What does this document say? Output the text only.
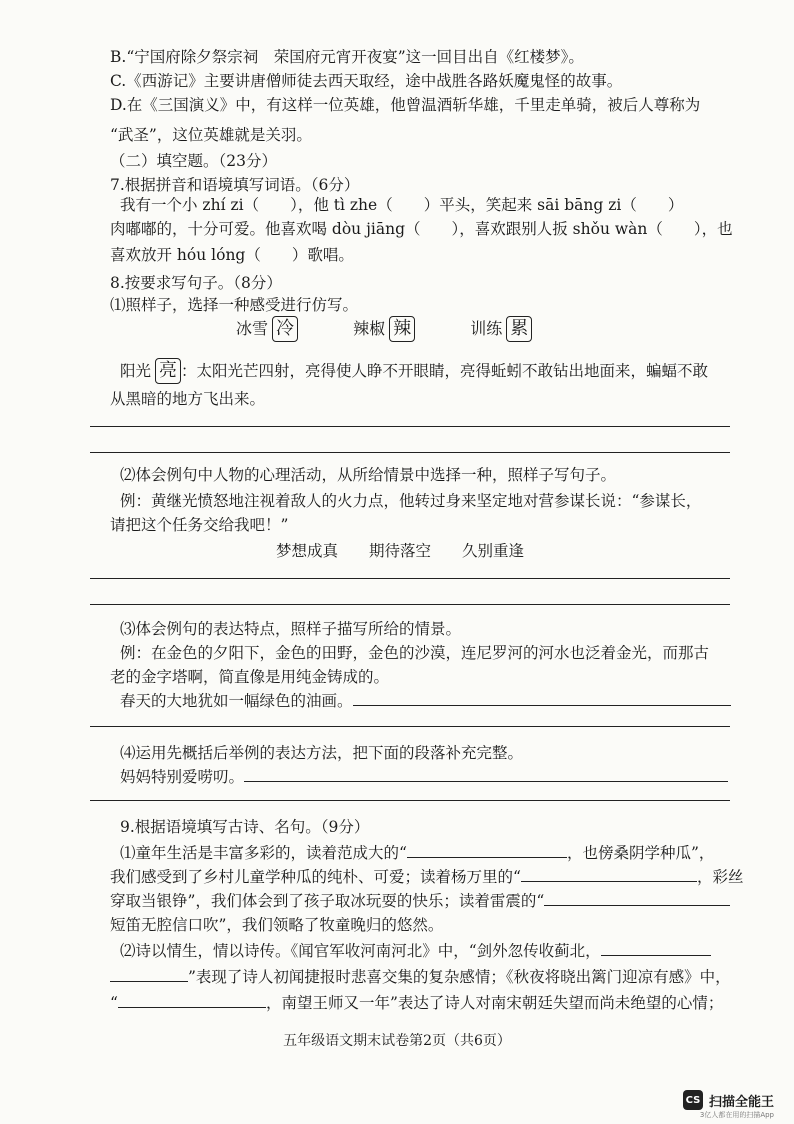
B.“宁国府除夕祭宗祠　荣国府元宵开夜宴”这一回目出自《红楼梦》。
C.《西游记》主要讲唐僧师徒去西天取经，途中战胜各路妖魔鬼怪的故事。
D.在《三国演义》中，有这样一位英雄，他曾温酒斩华雄，千里走单骑，被后人尊称为
“武圣”，这位英雄就是关羽。
（二）填空题。（23分）
7.根据拼音和语境填写词语。（6分）
我有一个小 zhí zi（　　），他 tì zhe（　　）平头，笑起来 sāi bāng zi（　　）
肉嘟嘟的，十分可爱。他喜欢喝 dòu jiāng（　　），喜欢跟别人扳 shǒu wàn（　　），也
喜欢放开 hóu lóng（　　）歌唱。
8.按要求写句子。（8分）
⑴照样子，选择一种感受进行仿写。
冰雪 冷	辣椒 辣	训练 累
阳光 亮 ：太阳光芒四射，亮得使人睁不开眼睛，亮得蚯蚓不敢钻出地面来，蝙蝠不敢
从黑暗的地方飞出来。
⑵体会例句中人物的心理活动，从所给情景中选择一种，照样子写句子。
例：黄继光愤怒地注视着敌人的火力点，他转过身来坚定地对营参谋长说：“参谋长，
请把这个任务交给我吧！”
梦想成真　　期待落空　　久别重逢
⑶体会例句的表达特点，照样子描写所给的情景。
例：在金色的夕阳下，金色的田野，金色的沙漠，连尼罗河的河水也泛着金光，而那古
老的金字塔啊，简直像是用纯金铸成的。
春天的大地犹如一幅绿色的油画。
⑷运用先概括后举例的表达方法，把下面的段落补充完整。
妈妈特别爱唠叨。
9.根据语境填写古诗、名句。（9分）
⑴童年生活是丰富多彩的，读着范成大的“	，也傍桑阴学种瓜”，
我们感受到了乡村儿童学种瓜的纯朴、可爱；读着杨万里的“	，彩丝
穿取当银铮”，我们体会到了孩子取冰玩耍的快乐；读着雷震的“
短笛无腔信口吹”，我们领略了牧童晚归的悠然。
⑵诗以情生，情以诗传。《闻官军收河南河北》中，“剑外忽传收蓟北，
”表现了诗人初闻捷报时悲喜交集的复杂感情；《秋夜将晓出篱门迎凉有感》中，
“	，南望王师又一年”表达了诗人对南宋朝廷失望而尚未绝望的心情；
五年级语文期末试卷第2页（共6页）
CS 扫描全能王
3亿人都在用的扫描App
